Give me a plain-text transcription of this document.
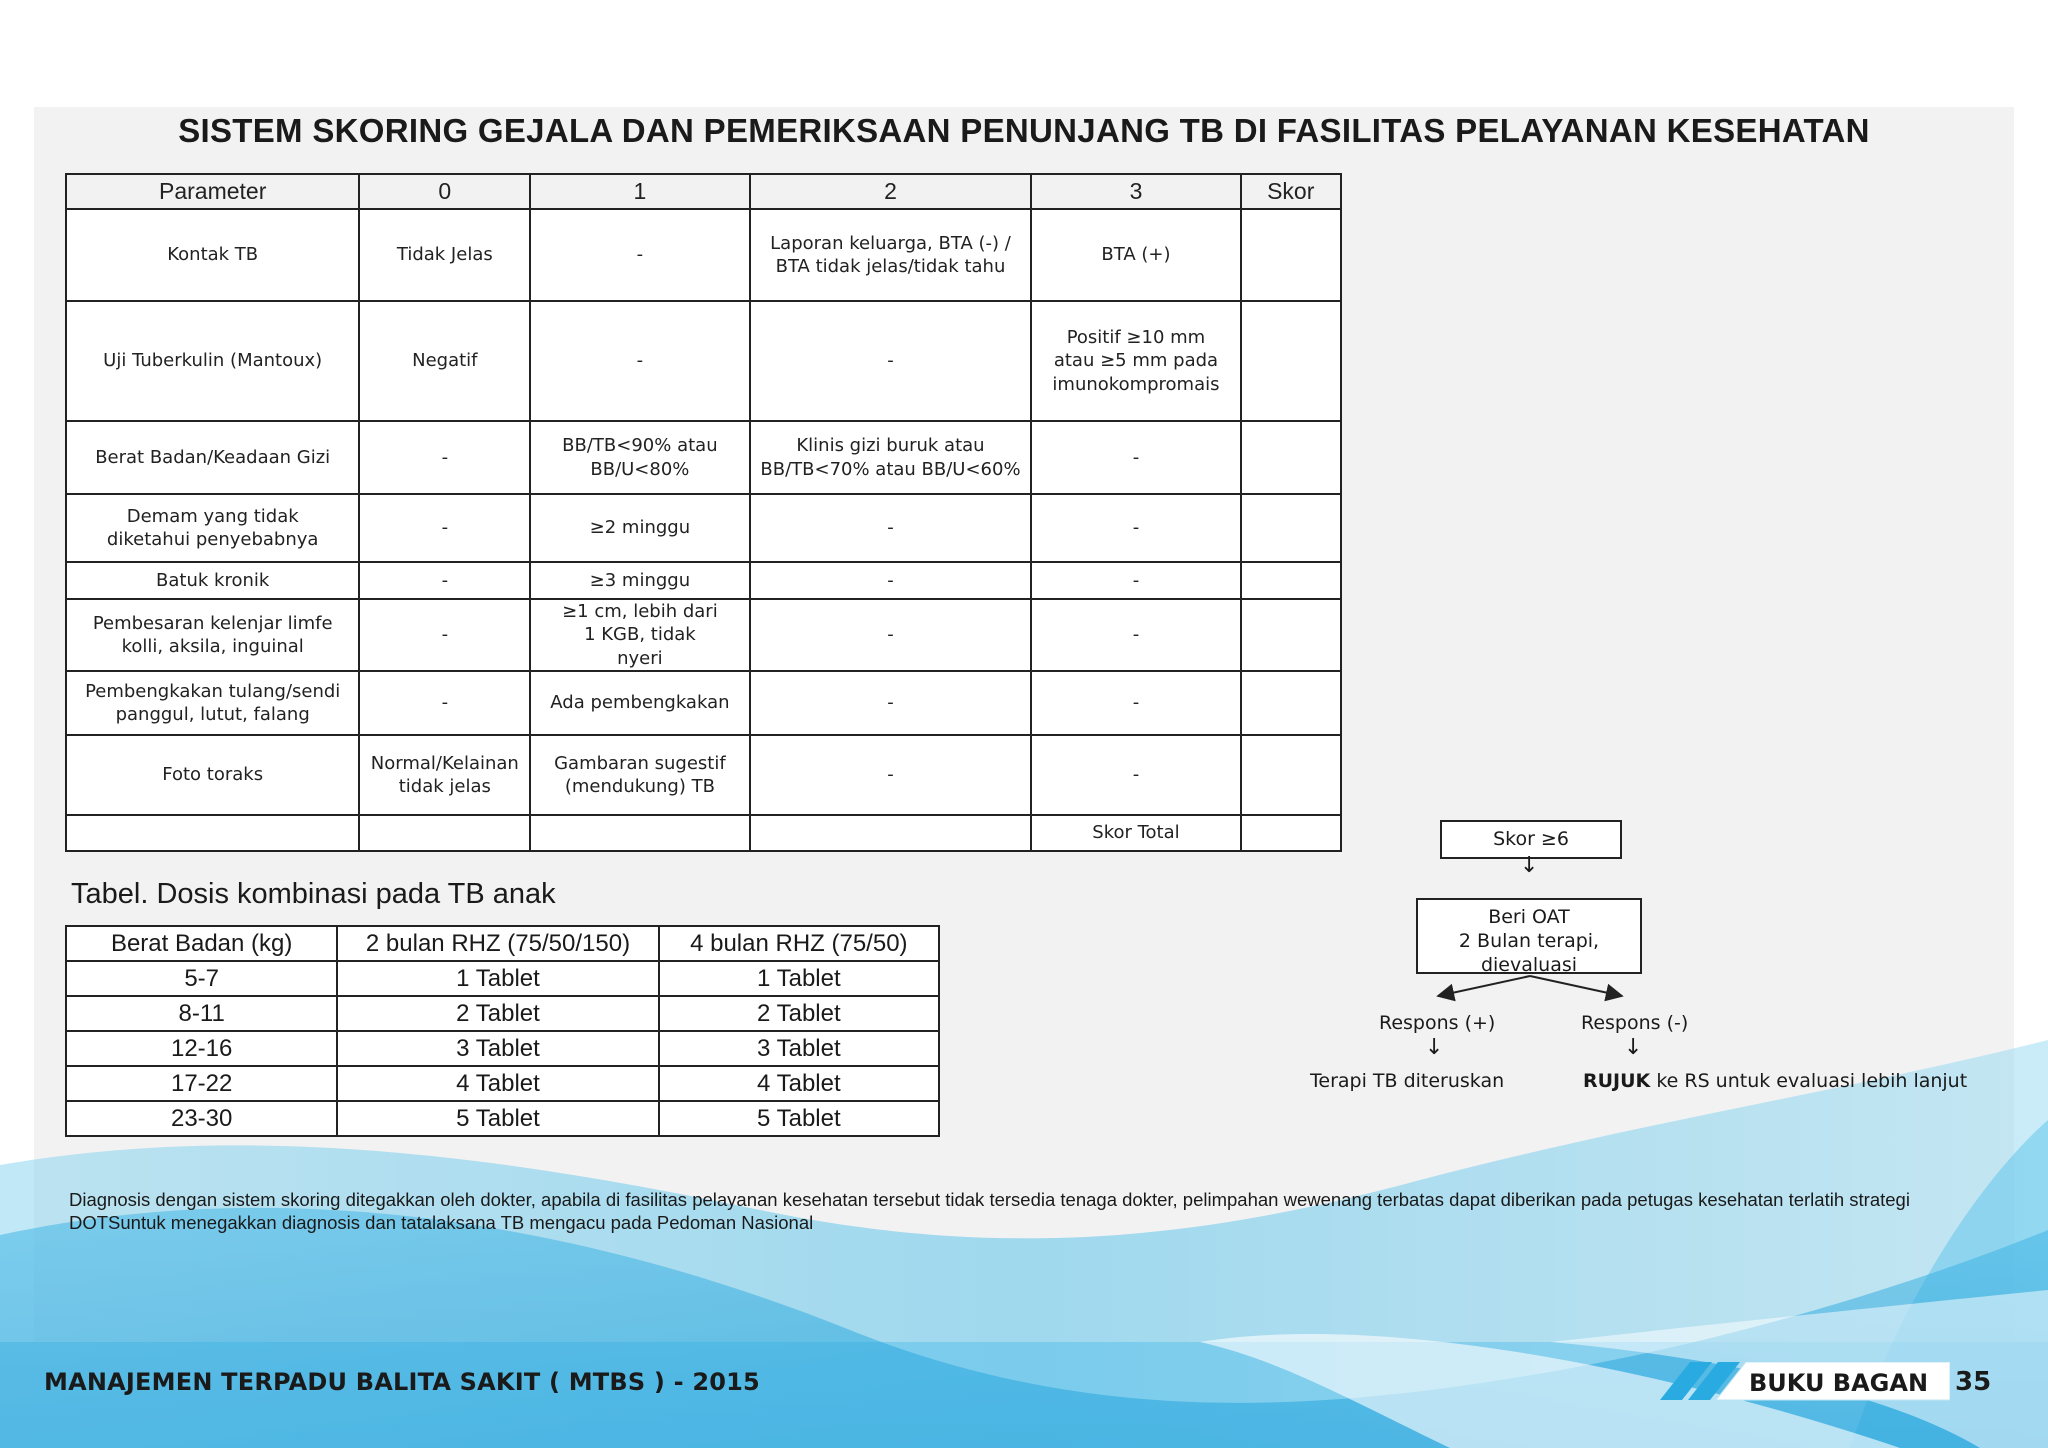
SISTEM SKORING GEJALA DAN PEMERIKSAAN PENUNJANG TB DI FASILITAS PELAYANAN KESEHATAN
Parameter	0	1	2	3	Skor
Kontak TB	Tidak Jelas	-	Laporan keluarga, BTA (-) / BTA tidak jelas/tidak tahu	BTA (+)	
Uji Tuberkulin (Mantoux)	Negatif	-	-	Positif ≥10 mm atau ≥5 mm pada imunokompromais	
Berat Badan/Keadaan Gizi	-	BB/TB<90% atau BB/U<80%	Klinis gizi buruk atau BB/TB<70% atau BB/U<60%	-	
Demam yang tidak diketahui penyebabnya	-	≥2 minggu	-	-	
Batuk kronik	-	≥3 minggu	-	-	
Pembesaran kelenjar limfe kolli, aksila, inguinal	-	≥1 cm, lebih dari 1 KGB, tidak nyeri	-	-	
Pembengkakan tulang/sendi panggul, lutut, falang	-	Ada pembengkakan	-	-	
Foto toraks	Normal/Kelainan tidak jelas	Gambaran sugestif (mendukung) TB	-	-	
				Skor Total	
Tabel. Dosis kombinasi pada TB anak
Berat Badan (kg)	2 bulan RHZ (75/50/150)	4 bulan RHZ (75/50)
5-7	1 Tablet	1 Tablet
8-11	2 Tablet	2 Tablet
12-16	3 Tablet	3 Tablet
17-22	4 Tablet	4 Tablet
23-30	5 Tablet	5 Tablet
Skor ≥6
↓
Beri OAT
2 Bulan terapi, dievaluasi
Respons (+)	Respons (-)
↓	↓
Terapi TB diteruskan	RUJUK ke RS untuk evaluasi lebih lanjut
Diagnosis dengan sistem skoring ditegakkan oleh dokter, apabila di fasilitas pelayanan kesehatan tersebut tidak tersedia tenaga dokter, pelimpahan wewenang terbatas dapat diberikan pada petugas kesehatan terlatih strategi DOTSuntuk menegakkan diagnosis dan tatalaksana TB mengacu pada Pedoman Nasional
MANAJEMEN TERPADU BALITA SAKIT ( MTBS ) - 2015	BUKU BAGAN 35
